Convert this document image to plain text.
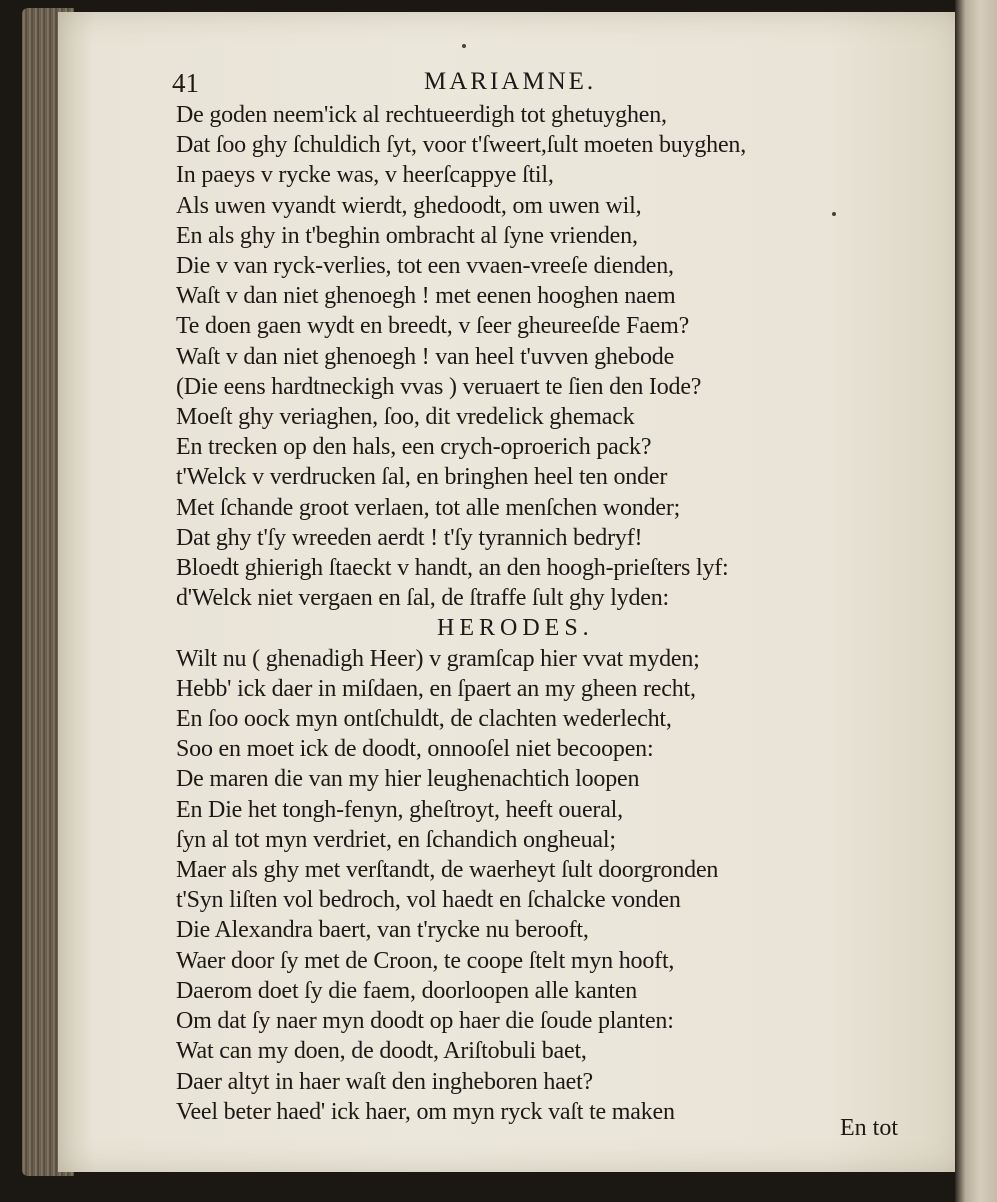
41	MARIAMNE.
De goden neem'ick al rechtueerdigh tot ghetuyghen,
Dat ſoo ghy ſchuldich ſyt, voor t'ſweert,ſult moeten buyghen,
In paeys v rycke was, v heerſcappye ſtil,
Als uwen vyandt wierdt, ghedoodt, om uwen wil,
En als ghy in t'beghin ombracht al ſyne vrienden,
Die v van ryck-verlies, tot een vvaen-vreeſe dienden,
Waſt v dan niet ghenoegh ! met eenen hooghen naem
Te doen gaen wydt en breedt, v ſeer gheureeſde Faem?
Waſt v dan niet ghenoegh ! van heel t'uvven ghebode
(Die eens hardtneckigh vvas ) veruaert te ſien den Iode?
Moeſt ghy veriaghen, ſoo, dit vredelick ghemack
En trecken op den hals, een crych-oproerich pack?
t'Welck v verdrucken ſal, en bringhen heel ten onder
Met ſchande groot verlaen, tot alle menſchen wonder;
Dat ghy t'ſy wreeden aerdt ! t'ſy tyrannich bedryf!
Bloedt ghierigh ſtaeckt v handt, an den hoogh-prieſters lyf:
d'Welck niet vergaen en ſal, de ſtraffe ſult ghy lyden:
HERODES.
Wilt nu ( ghenadigh Heer) v gramſcap hier vvat myden;
Hebb' ick daer in miſdaen, en ſpaert an my gheen recht,
En ſoo oock myn ontſchuldt, de clachten wederlecht,
Soo en moet ick de doodt, onnooſel niet becoopen:
De maren die van my hier leughenachtich loopen
En Die het tongh-fenyn, gheſtroyt, heeft oueral,
ſyn al tot myn verdriet, en ſchandich ongheual;
Maer als ghy met verſtandt, de waerheyt ſult doorgronden
t'Syn liſten vol bedroch, vol haedt en ſchalcke vonden
Die Alexandra baert, van t'rycke nu berooft,
Waer door ſy met de Croon, te coope ſtelt myn hooft,
Daerom doet ſy die faem, doorloopen alle kanten
Om dat ſy naer myn doodt op haer die ſoude planten:
Wat can my doen, de doodt, Ariſtobuli baet,
Daer altyt in haer waſt den ingheboren haet?
Veel beter haed' ick haer, om myn ryck vaſt te maken
En tot
